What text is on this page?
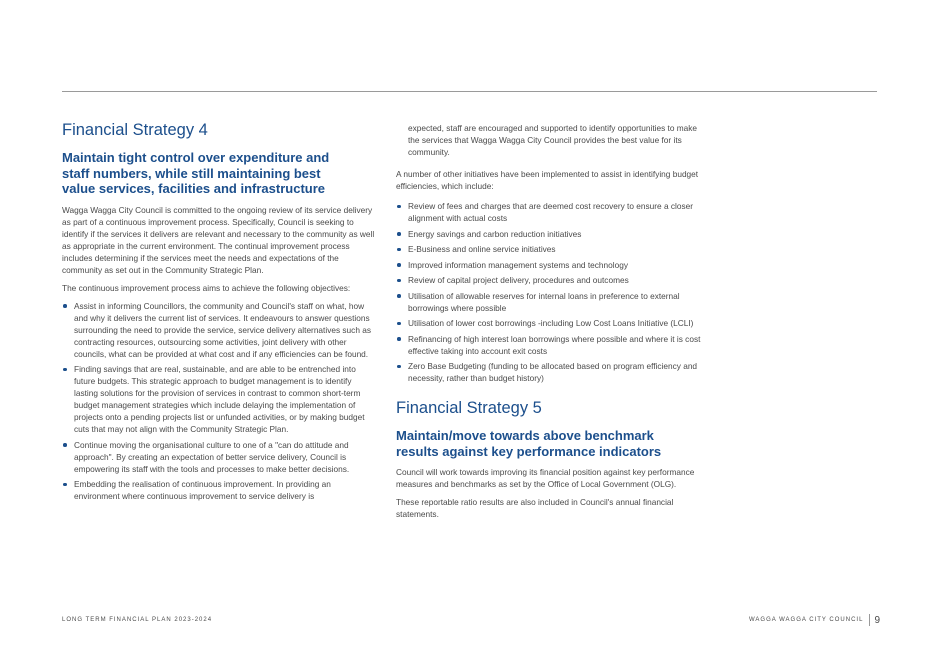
Financial Strategy 4
Maintain tight control over expenditure and staff numbers, while still maintaining best value services, facilities and infrastructure

Wagga Wagga City Council is committed to the ongoing review of its service delivery as part of a continuous improvement process. Specifically, Council is seeking to identify if the services it delivers are relevant and necessary to the community as well as appropriate in the current environment. The continual improvement process includes determining if the services meet the needs and expectations of the community as set out in the Community Strategic Plan.

The continuous improvement process aims to achieve the following objectives:

Assist in informing Councillors, the community and Council's staff on what, how and why it delivers the current list of services. It endeavours to answer questions surrounding the need to provide the service, service delivery alternatives such as contracting resources, outsourcing some activities, joint delivery with other councils, what can be provided at what cost and if any efficiencies can be found.
Finding savings that are real, sustainable, and are able to be entrenched into future budgets. This strategic approach to budget management is to identify lasting solutions for the provision of services in contrast to common short-term budget management strategies which include delaying the implementation of projects onto a pending projects list or unfunded activities, or by making budget cuts that may not align with the Community Strategic Plan.
Continue moving the organisational culture to one of a "can do attitude and approach". By creating an expectation of better service delivery, Council is empowering its staff with the tools and processes to make better decisions.
Embedding the realisation of continuous improvement. In providing an environment where continuous improvement to service delivery is

expected, staff are encouraged and supported to identify opportunities to make the services that Wagga Wagga City Council provides the best value for its community.

A number of other initiatives have been implemented to assist in identifying budget efficiencies, which include:

Review of fees and charges that are deemed cost recovery to ensure a closer alignment with actual costs
Energy savings and carbon reduction initiatives
E-Business and online service initiatives
Improved information management systems and technology
Review of capital project delivery, procedures and outcomes
Utilisation of allowable reserves for internal loans in preference to external borrowings where possible
Utilisation of lower cost borrowings -including Low Cost Loans Initiative (LCLI)
Refinancing of high interest loan borrowings where possible and where it is cost effective taking into account exit costs
Zero Base Budgeting (funding to be allocated based on program efficiency and necessity, rather than budget history)
Financial Strategy 5
Maintain/move towards above benchmark results against key performance indicators

Council will work towards improving its financial position against key performance measures and benchmarks as set by the Office of Local Government (OLG).

These reportable ratio results are also included in Council's annual financial statements.

LONG TERM FINANCIAL PLAN 2023-2024	WAGGA WAGGA CITY COUNCIL 9
